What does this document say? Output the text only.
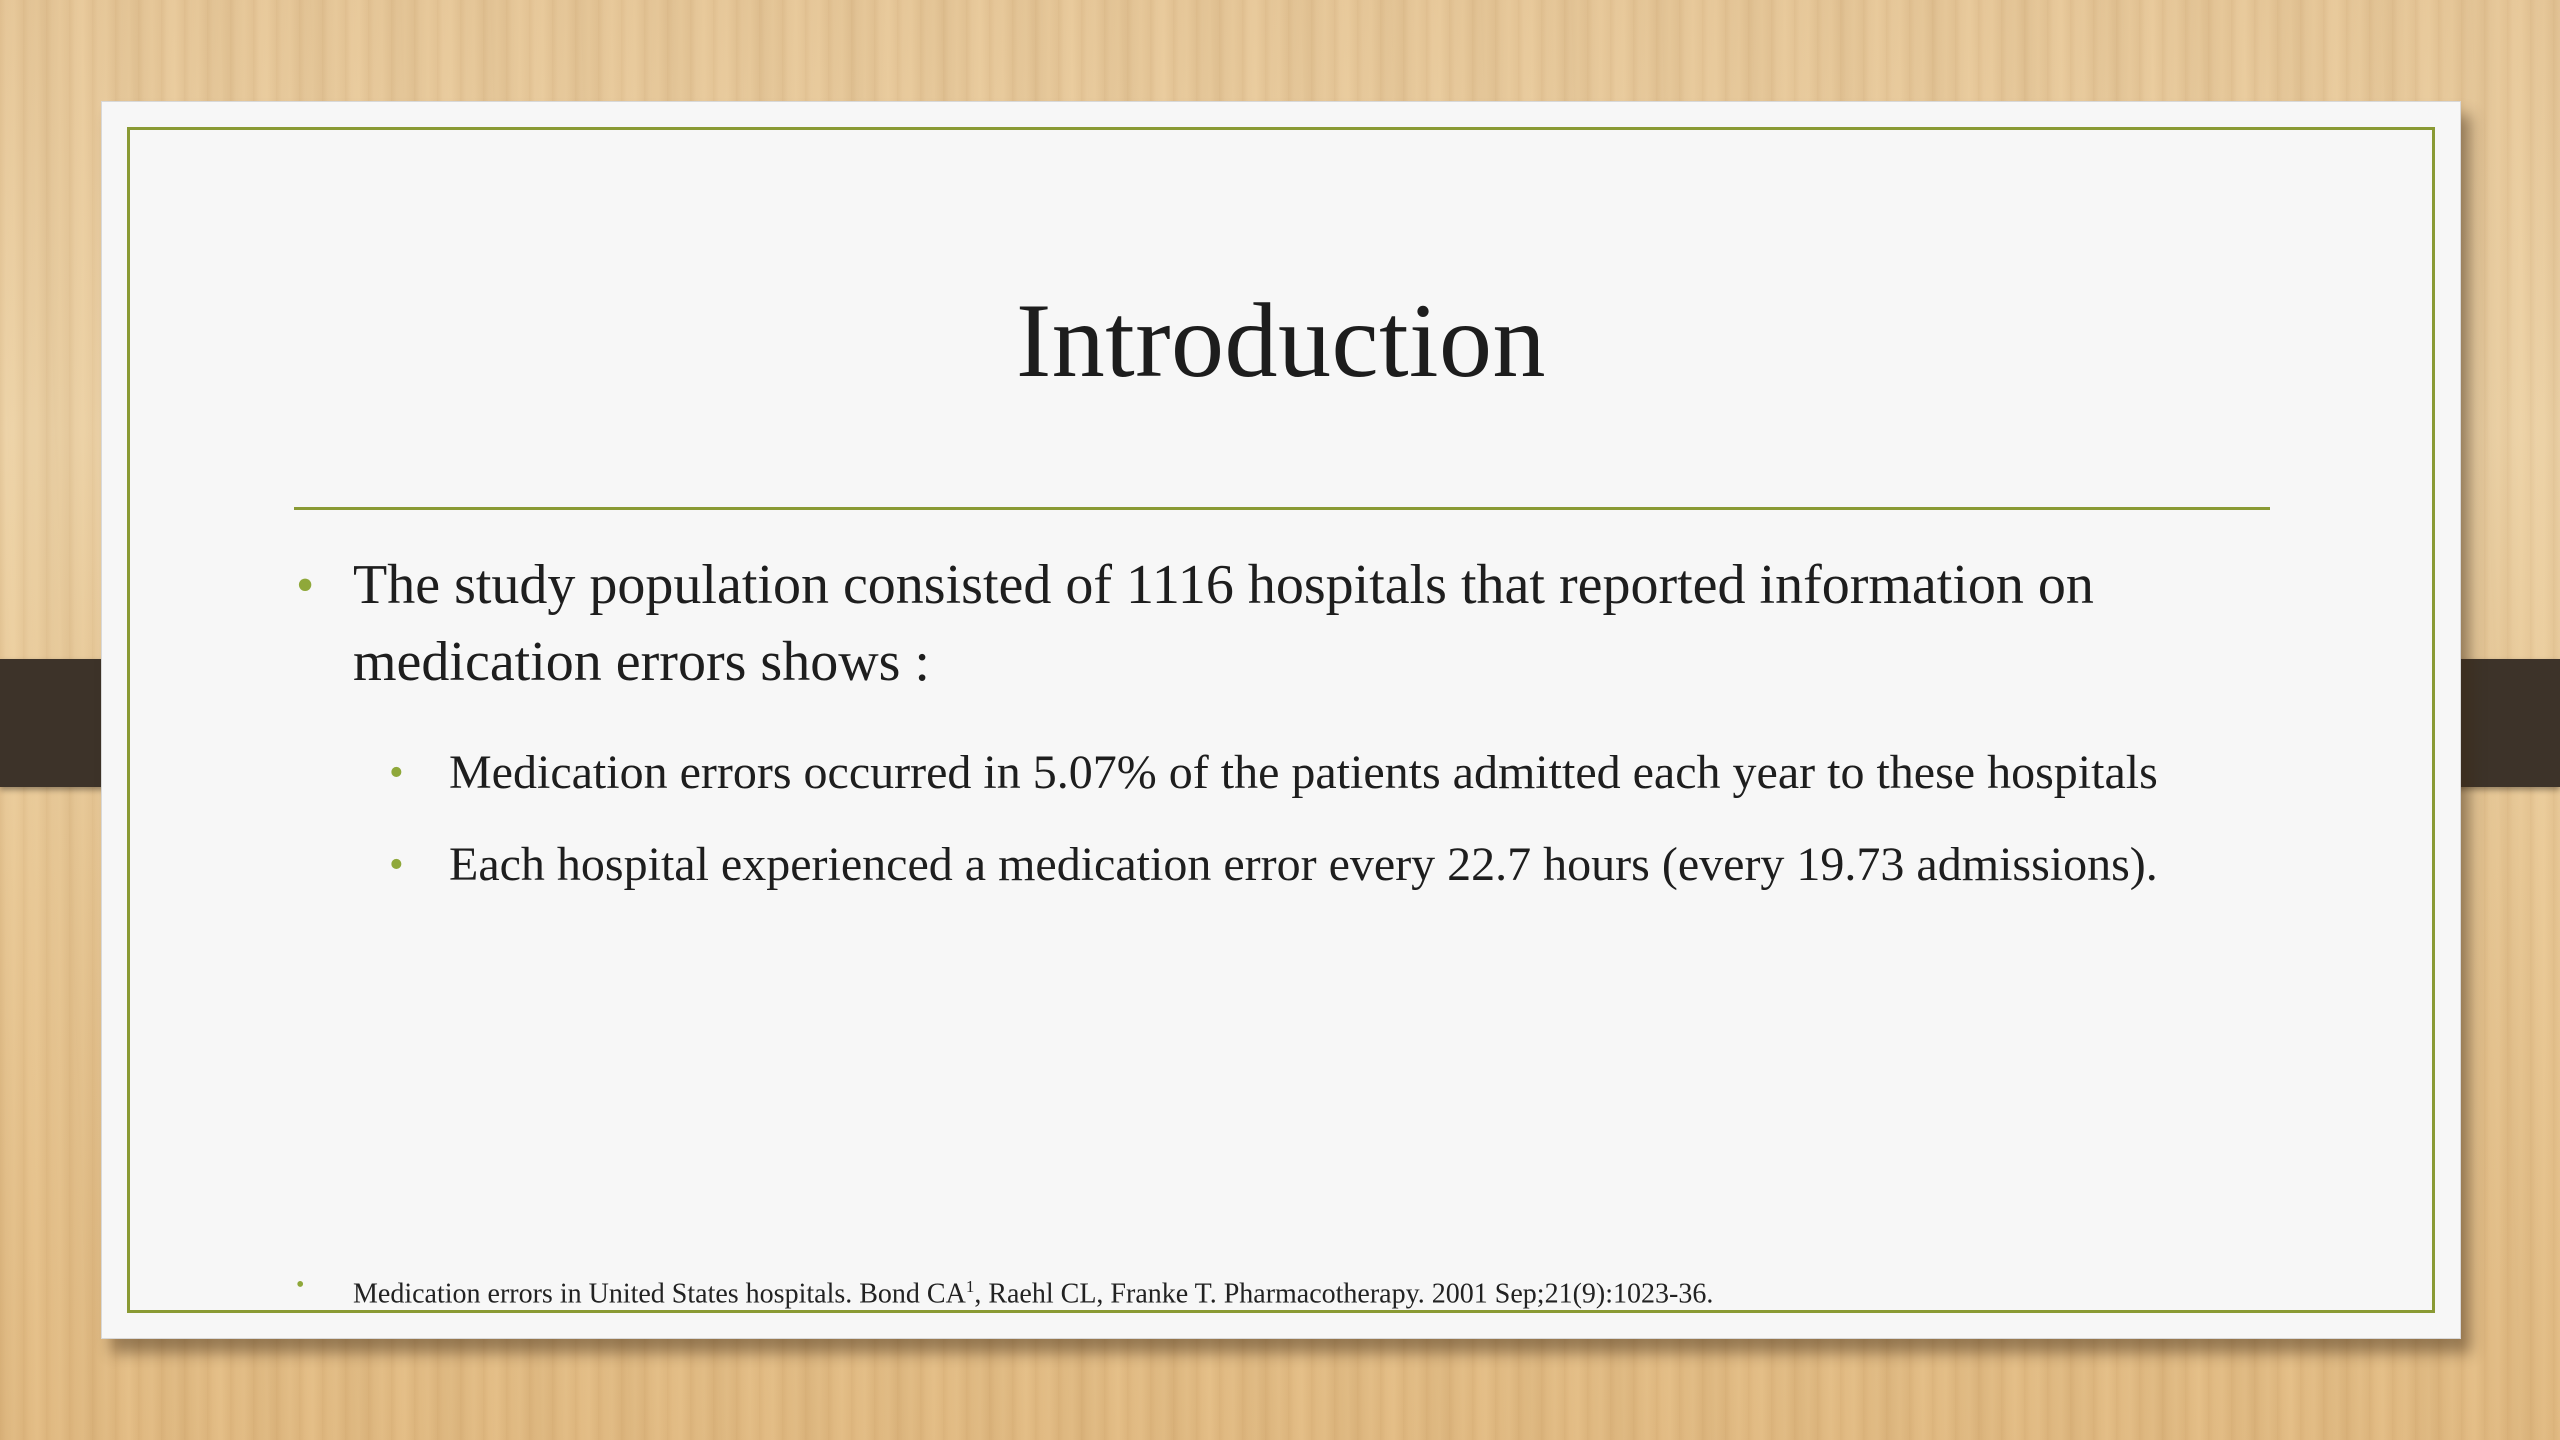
Introduction
• The study population consisted of 1116 hospitals that reported information on medication errors shows :
• Medication errors occurred in 5.07% of the patients admitted each year to these hospitals
• Each hospital experienced a medication error every 22.7 hours (every 19.73 admissions).
• Medication errors in United States hospitals. Bond $CA^1$, Raehl CL, Franke T. Pharmacotherapy. 2001 Sep;21(9):1023-36.
